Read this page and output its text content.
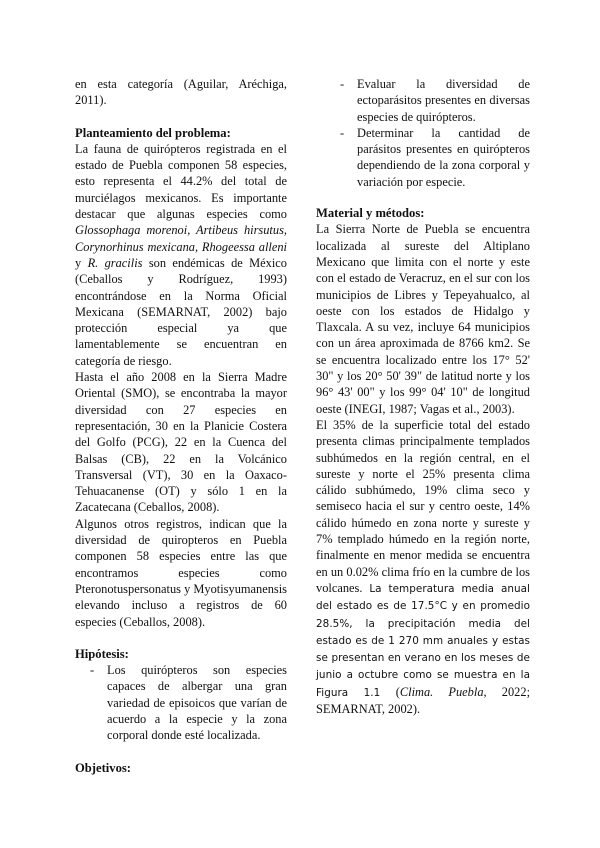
en esta categoría (Aguilar, Aréchiga, 2011).

Planteamiento del problema:

La fauna de quirópteros registrada en el estado de Puebla componen 58 especies, esto representa el 44.2% del total de murciélagos mexicanos. Es importante destacar que algunas especies como Glossophaga morenoi, Artibeus hirsutus, Corynorhinus mexicana, Rhogeessa alleni y R. gracilis son endémicas de México (Ceballos y Rodríguez, 1993) encontrándose en la Norma Oficial Mexicana (SEMARNAT, 2002) bajo protección especial ya que lamentablemente se encuentran en categoría de riesgo.

Hasta el año 2008 en la Sierra Madre Oriental (SMO), se encontraba la mayor diversidad con 27 especies en representación, 30 en la Planicie Costera del Golfo (PCG), 22 en la Cuenca del Balsas (CB), 22 en la Volcánico Transversal (VT), 30 en la Oaxaco-Tehuacanense (OT) y sólo 1 en la Zacatecana (Ceballos, 2008).

Algunos otros registros, indican que la diversidad de quiropteros en Puebla componen 58 especies entre las que encontramos especies como Pteronotuspersonatus y Myotisyumanensis elevando incluso a registros de 60 especies (Ceballos, 2008).

Hipótesis:
- Los quirópteros son especies capaces de albergar una gran variedad de episoicos que varían de acuerdo a la especie y la zona corporal donde esté localizada.
Objetivos:
- Evaluar la diversidad de ectoparásitos presentes en diversas especies de quirópteros.
- Determinar la cantidad de parásitos presentes en quirópteros dependiendo de la zona corporal y variación por especie.
Material y métodos:

La Sierra Norte de Puebla se encuentra localizada al sureste del Altiplano Mexicano que limita con el norte y este con el estado de Veracruz, en el sur con los municipios de Libres y Tepeyahualco, al oeste con los estados de Hidalgo y Tlaxcala. A su vez, incluye 64 municipios con un área aproximada de 8766 km2. Se se encuentra localizado entre los 17° 52' 30" y los 20° 50' 39" de latitud norte y los 96° 43' 00" y los 99° 04' 10" de longitud oeste (INEGI, 1987; Vagas et al., 2003).

El 35% de la superficie total del estado presenta climas principalmente templados subhúmedos en la región central, en el sureste y norte el 25% presenta clima cálido subhúmedo, 19% clima seco y semiseco hacia el sur y centro oeste, 14% cálido húmedo en zona norte y sureste y 7% templado húmedo en la región norte, finalmente en menor medida se encuentra en un 0.02% clima frío en la cumbre de los volcanes. La temperatura media anual del estado es de 17.5°C y en promedio 28.5%, la precipitación media del estado es de 1 270 mm anuales y estas se presentan en verano en los meses de junio a octubre como se muestra en la Figura 1.1 (Clima. Puebla, 2022; SEMARNAT, 2002).
